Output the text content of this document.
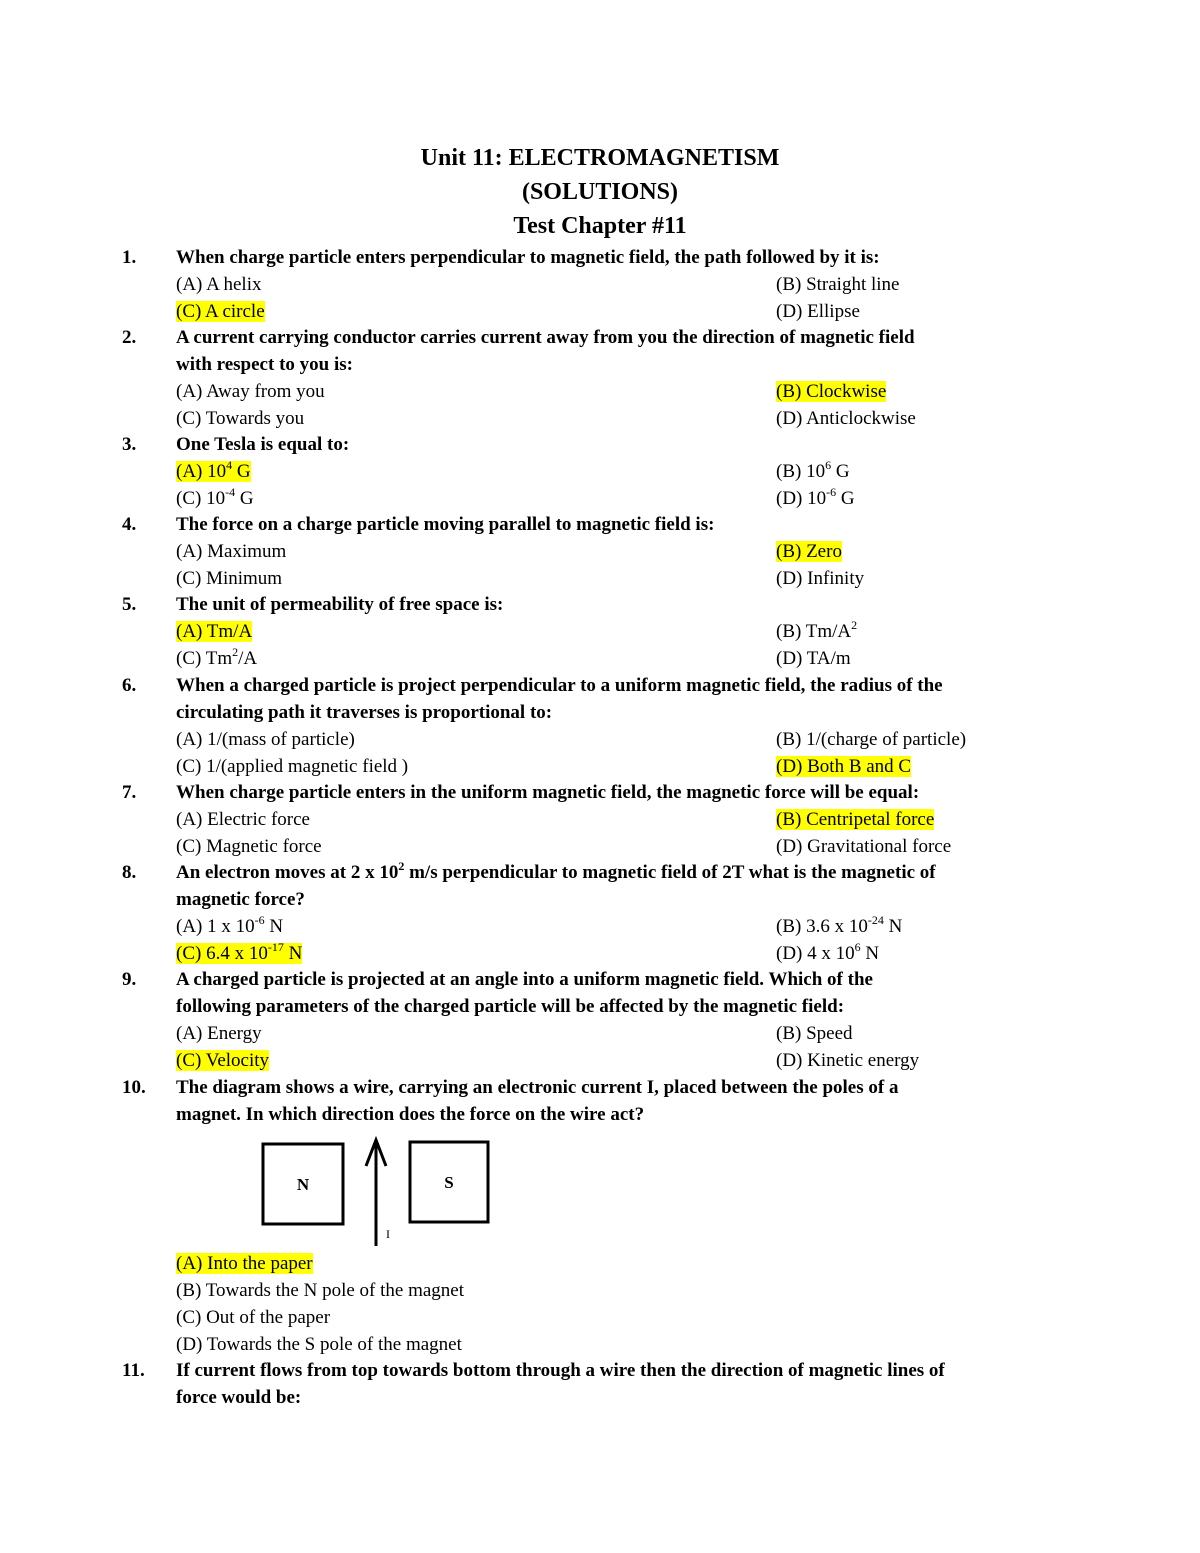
Unit 11: ELECTROMAGNETISM
(SOLUTIONS)
Test Chapter #11
1.	When charge particle enters perpendicular to magnetic field, the path followed by it is:
(A) A helix	(B) Straight line
(C) A circle	(D) Ellipse
2.	A current carrying conductor carries current away from you the direction of magnetic field
with respect to you is:
(A) Away from you	(B) Clockwise
(C) Towards you	(D) Anticlockwise
3.	One Tesla is equal to:
(A) $10^4$ G	(B) $10^6$ G
(C) $10^{-4}$ G	(D) $10^{-6}$ G
4.	The force on a charge particle moving parallel to magnetic field is:
(A) Maximum	(B) Zero
(C) Minimum	(D) Infinity
5.	The unit of permeability of free space is:
(A) Tm/A	(B) $Tm/A^2$
(C) Tm$^2$/A	(D) TA/m
6.	When a charged particle is project perpendicular to a uniform magnetic field, the radius of the
circulating path it traverses is proportional to:
(A) 1/(mass of particle)	(B) 1/(charge of particle)
(C) 1/(applied magnetic field )	(D) Both B and C
7.	When charge particle enters in the uniform magnetic field, the magnetic force will be equal:
(A) Electric force	(B) Centripetal force
(C) Magnetic force	(D) Gravitational force
8.	An electron moves at 2 x $10^2$ m/s perpendicular to magnetic field of 2T what is the magnetic of
magnetic force?
(A) 1 x $10^{-6}$ N	(B) 3.6 x $10^{-24}$ N
(C) 6.4 x $10^{-17}$ N	(D) 4 x $10^6$ N
9.	A charged particle is projected at an angle into a uniform magnetic field. Which of the
following parameters of the charged particle will be affected by the magnetic field:
(A) Energy	(B) Speed
(C) Velocity	(D) Kinetic energy
10.	The diagram shows a wire, carrying an electronic current I, placed between the poles of a
magnet. In which direction does the force on the wire act?
N	S
I
(A) Into the paper
(B) Towards the N pole of the magnet
(C) Out of the paper
(D) Towards the S pole of the magnet
11.	If current flows from top towards bottom through a wire then the direction of magnetic lines of
force would be:
